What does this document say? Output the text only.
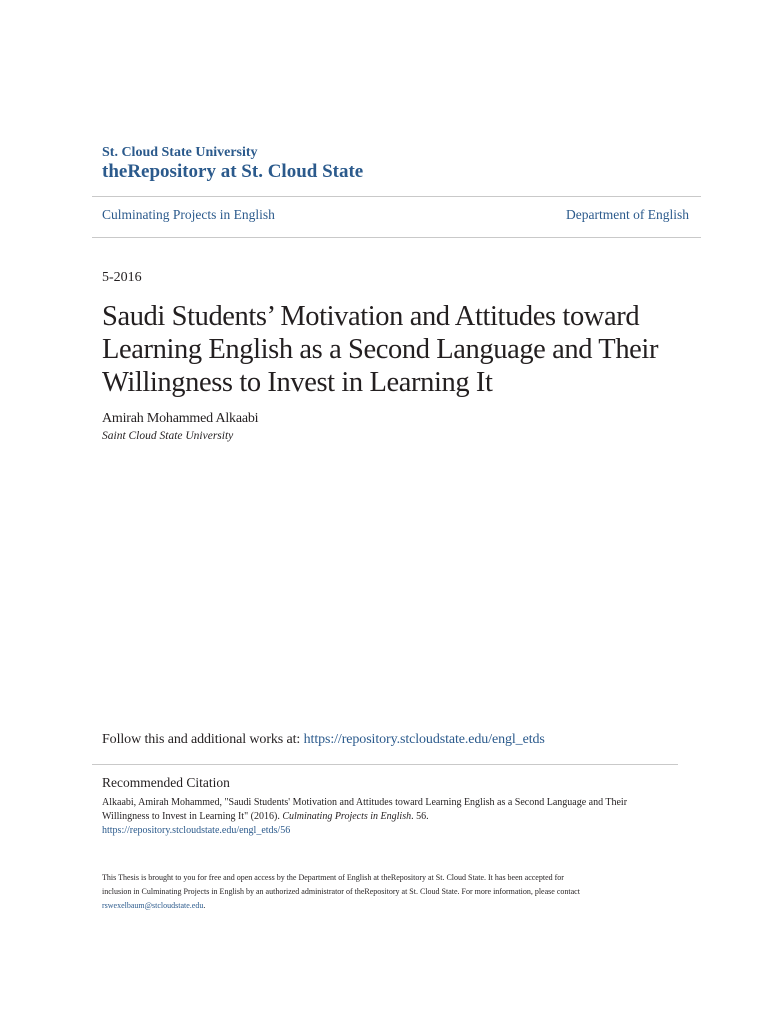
St. Cloud State University
theRepository at St. Cloud State
Culminating Projects in English	Department of English
5-2016
Saudi Students’ Motivation and Attitudes toward
Learning English as a Second Language and Their
Willingness to Invest in Learning It
Amirah Mohammed Alkaabi
Saint Cloud State University
Follow this and additional works at: https://repository.stcloudstate.edu/engl_etds
Recommended Citation
Alkaabi, Amirah Mohammed, "Saudi Students' Motivation and Attitudes toward Learning English as a Second Language and Their
Willingness to Invest in Learning It" (2016). Culminating Projects in English. 56.
https://repository.stcloudstate.edu/engl_etds/56
This Thesis is brought to you for free and open access by the Department of English at theRepository at St. Cloud State. It has been accepted for
inclusion in Culminating Projects in English by an authorized administrator of theRepository at St. Cloud State. For more information, please contact
rswexelbaum@stcloudstate.edu.
